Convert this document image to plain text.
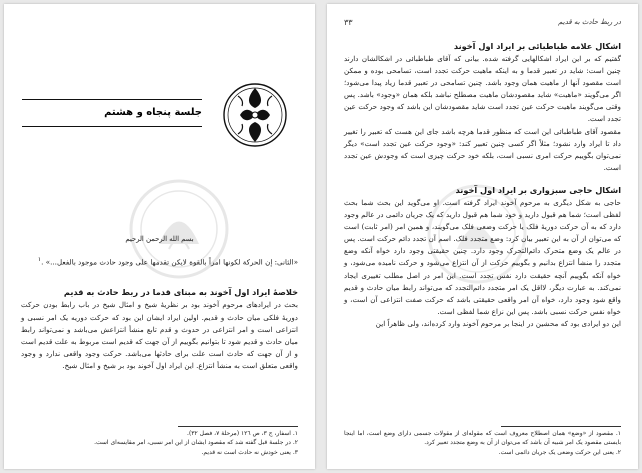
جلسة پنجاه و هشتم
بسم الله الرحمن الرحيم

«الثانی: إن الحركة لكونها امراً بالقوة لايكن تقدمها على وجود حادث موجود بالفعل...» .$^١$

خلاصهٔ ایراد اول آخوند به مبنای قدما در ربط حادث به قدیم

بحث در ایرادهای مرحوم آخوند بود بر نظریهٔ شیخ و امثال شیخ در باب رابط بودن حرکت دوریهٔ فلکی میان حادث و قدیم. اولین ایراد ایشان این بود که حرکت دوریه یک امر نسبی و انتزاعی است و امر انتزاعی در حدوث و قدم تابع منشأ انتزاعش می‌باشد و نمی‌تواند رابط میان حادث و قدیم شود تا بتوانیم بگوییم از آن جهت که قدیم است مربوط به علت قدیم است و از آن جهت که حادث است علت برای حادثها می‌باشد. حرکت وجود واقعی ندارد و وجود واقعی متعلق است به منشأ انتزاع. این ایراد اول آخوند بود بر شیخ و امثال شیخ.

١. اسفار، ج ٣، ص ١٢٦ (مرحلهٔ ٧، فصل ٣٢).
٢. در جلسهٔ قبل گفته شد که مقصود ایشان از این امر نسبی، امر مقایسه‌ای است.
٣. یعنی خودش نه حادث است نه قدیم.
در ربط حادث به قدیم
٣٣

اشکال علامه طباطبائی بر ایراد اول آخوند

گفتیم که بر این ایراد اشکالهایی گرفته شده. بیانی که آقای طباطبائی در اشکالشان دارند چنین است: شاید در تعبیر قدما و به اینکه ماهیت حرکت تجدد است، تسامحی بوده و ممکن است مقصود آنها از ماهیت همان وجود باشد. چنین تسامحی در تعبیر قدما زیاد پیدا می‌شود؛ اگر می‌گویند «ماهیت» شاید مقصودشان ماهیت مصطلح نباشد بلکه همان «وجود» باشد. پس وقتی می‌گویند ماهیت حرکت عین تجدد است شاید مقصودشان این باشد که وجود حرکت عین تجدد است.

مقصود آقای طباطبائی این است که منظور قدما هرچه باشد جای این هست که تعبیر را تغییر داد تا ایراد وارد نشود؛ مثلاً اگر کسی چنین تعبیر کند: «وجود حرکت عین تجدد است» دیگر نمی‌توان بگوییم حرکت امری نسبی است، بلکه خود حرکت چیزی است که وجودش عین تجدد است.

اشکال حاجی سبزواری بر ایراد اول آخوند

حاجی به شکل دیگری به مرحوم آخوند ایراد گرفته است. او می‌گوید این بحث شما بحث لفظی است؛ شما هم قبول دارید و خود شما هم قبول دارید که یک جریان دائمی در عالم وجود دارد که به آن حرکت دوریهٔ فلک یا حرکت وضعی فلک می‌گویند، و همین امر (امر ثابت) است که می‌توان از آن به این تعبیر بیان کرد: وضع متجدد فلک. اسم آن تجدد دائم حرکت است. پس در عالم یک وضع متحرک دائم‌التحرک وجود دارد. چنین حقیقتی وجود دارد خواه آنکه وضع متجدد را منشأ انتزاع بدانیم و بگوییم حرکت از آن انتزاع می‌شود و حرکت نامیده می‌شود، و خواه آنکه بگوییم آنچه حقیقت دارد نفس تجدد است. این امر در اصل مطلب تغییری ایجاد نمی‌کند. به عبارت دیگر، لااقل یک امر متجدد دائم‌التجدد که می‌تواند رابط میان حادث و قدیم واقع شود وجود دارد، خواه آن امر واقعی حقیقتی باشد که حرکت صفت انتزاعی آن است، و خواه نفس حرکت نسبی باشد. پس این نزاع شما لفظی است.

این دو ایرادی بود که محشین در اینجا بر مرحوم آخوند وارد کرده‌اند، ولی ظاهراً این

١. مقصود از «وضع» همان اصطلاح معروف است که مقوله‌ای از مقولات جسمی دارای وضع است، اما اینجا بایستی مقصود یک امر شبیه آن باشد که می‌توان از آن به وضع متجدد تعبیر کرد.
٢. یعنی این حرکت وضعی یک جریان دائمی است.
